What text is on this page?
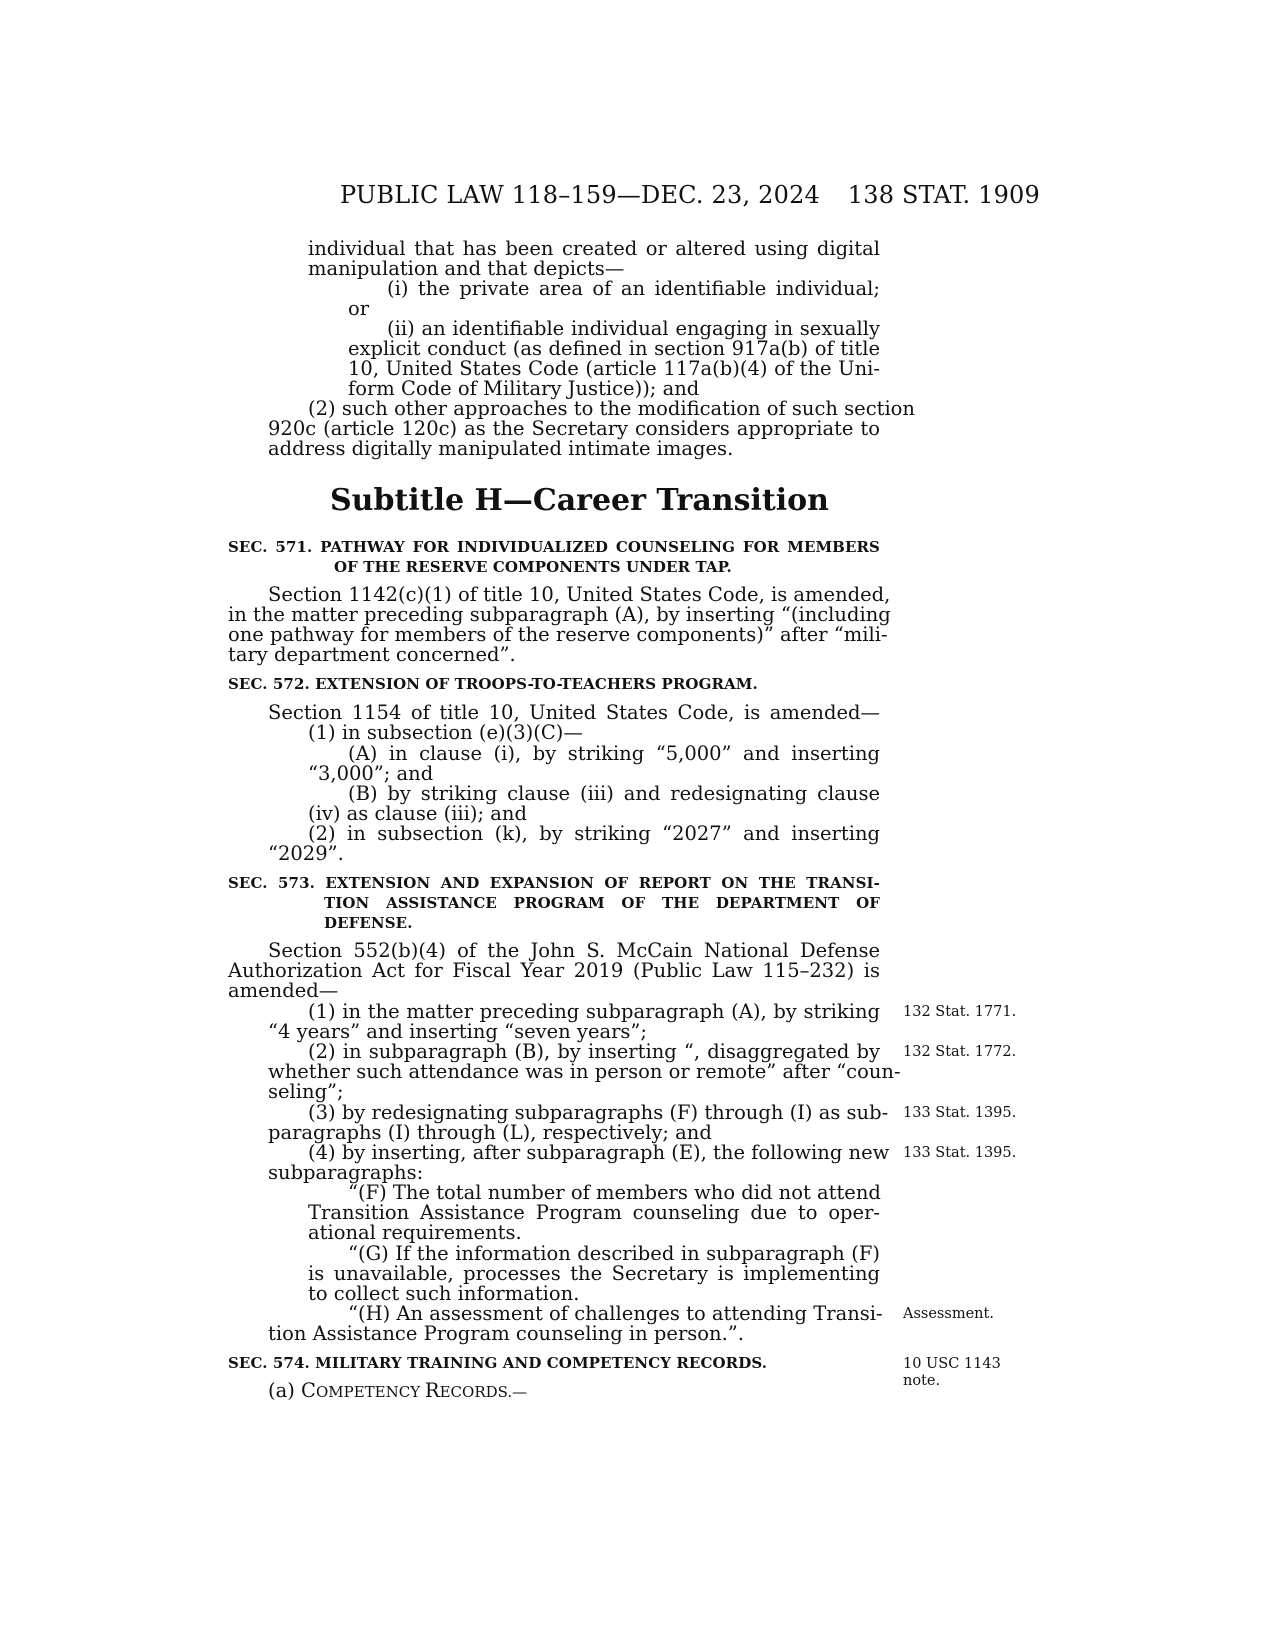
PUBLIC LAW 118–159—DEC. 23, 2024 138 STAT. 1909
individual that has been created or altered using digital
manipulation and that depicts—
(i) the private area of an identifiable individual;
or
(ii) an identifiable individual engaging in sexually
explicit conduct (as defined in section 917a(b) of title
10, United States Code (article 117a(b)(4) of the Uni-
form Code of Military Justice)); and
(2) such other approaches to the modification of such section
920c (article 120c) as the Secretary considers appropriate to
address digitally manipulated intimate images.
Subtitle H—Career Transition
SEC. 571. PATHWAY FOR INDIVIDUALIZED COUNSELING FOR MEMBERS
OF THE RESERVE COMPONENTS UNDER TAP.
Section 1142(c)(1) of title 10, United States Code, is amended,
in the matter preceding subparagraph (A), by inserting “(including
one pathway for members of the reserve components)” after “mili-
tary department concerned”.
SEC. 572. EXTENSION OF TROOPS-TO-TEACHERS PROGRAM.
Section 1154 of title 10, United States Code, is amended—
(1) in subsection (e)(3)(C)—
(A) in clause (i), by striking “5,000” and inserting
“3,000”; and
(B) by striking clause (iii) and redesignating clause
(iv) as clause (iii); and
(2) in subsection (k), by striking “2027” and inserting
“2029”.
SEC. 573. EXTENSION AND EXPANSION OF REPORT ON THE TRANSI-
TION ASSISTANCE PROGRAM OF THE DEPARTMENT OF
DEFENSE.
Section 552(b)(4) of the John S. McCain National Defense
Authorization Act for Fiscal Year 2019 (Public Law 115–232) is
amended—
(1) in the matter preceding subparagraph (A), by striking
“4 years” and inserting “seven years”;
(2) in subparagraph (B), by inserting “, disaggregated by
whether such attendance was in person or remote” after “coun-
seling”;
(3) by redesignating subparagraphs (F) through (I) as sub-
paragraphs (I) through (L), respectively; and
(4) by inserting, after subparagraph (E), the following new
subparagraphs:
“(F) The total number of members who did not attend
Transition Assistance Program counseling due to oper-
ational requirements.
“(G) If the information described in subparagraph (F)
is unavailable, processes the Secretary is implementing
to collect such information.
“(H) An assessment of challenges to attending Transi-
tion Assistance Program counseling in person.”.
SEC. 574. MILITARY TRAINING AND COMPETENCY RECORDS.
(a) COMPETENCY RECORDS.—
132 Stat. 1771.
132 Stat. 1772.
133 Stat. 1395.
133 Stat. 1395.
Assessment.
10 USC 1143
note.
